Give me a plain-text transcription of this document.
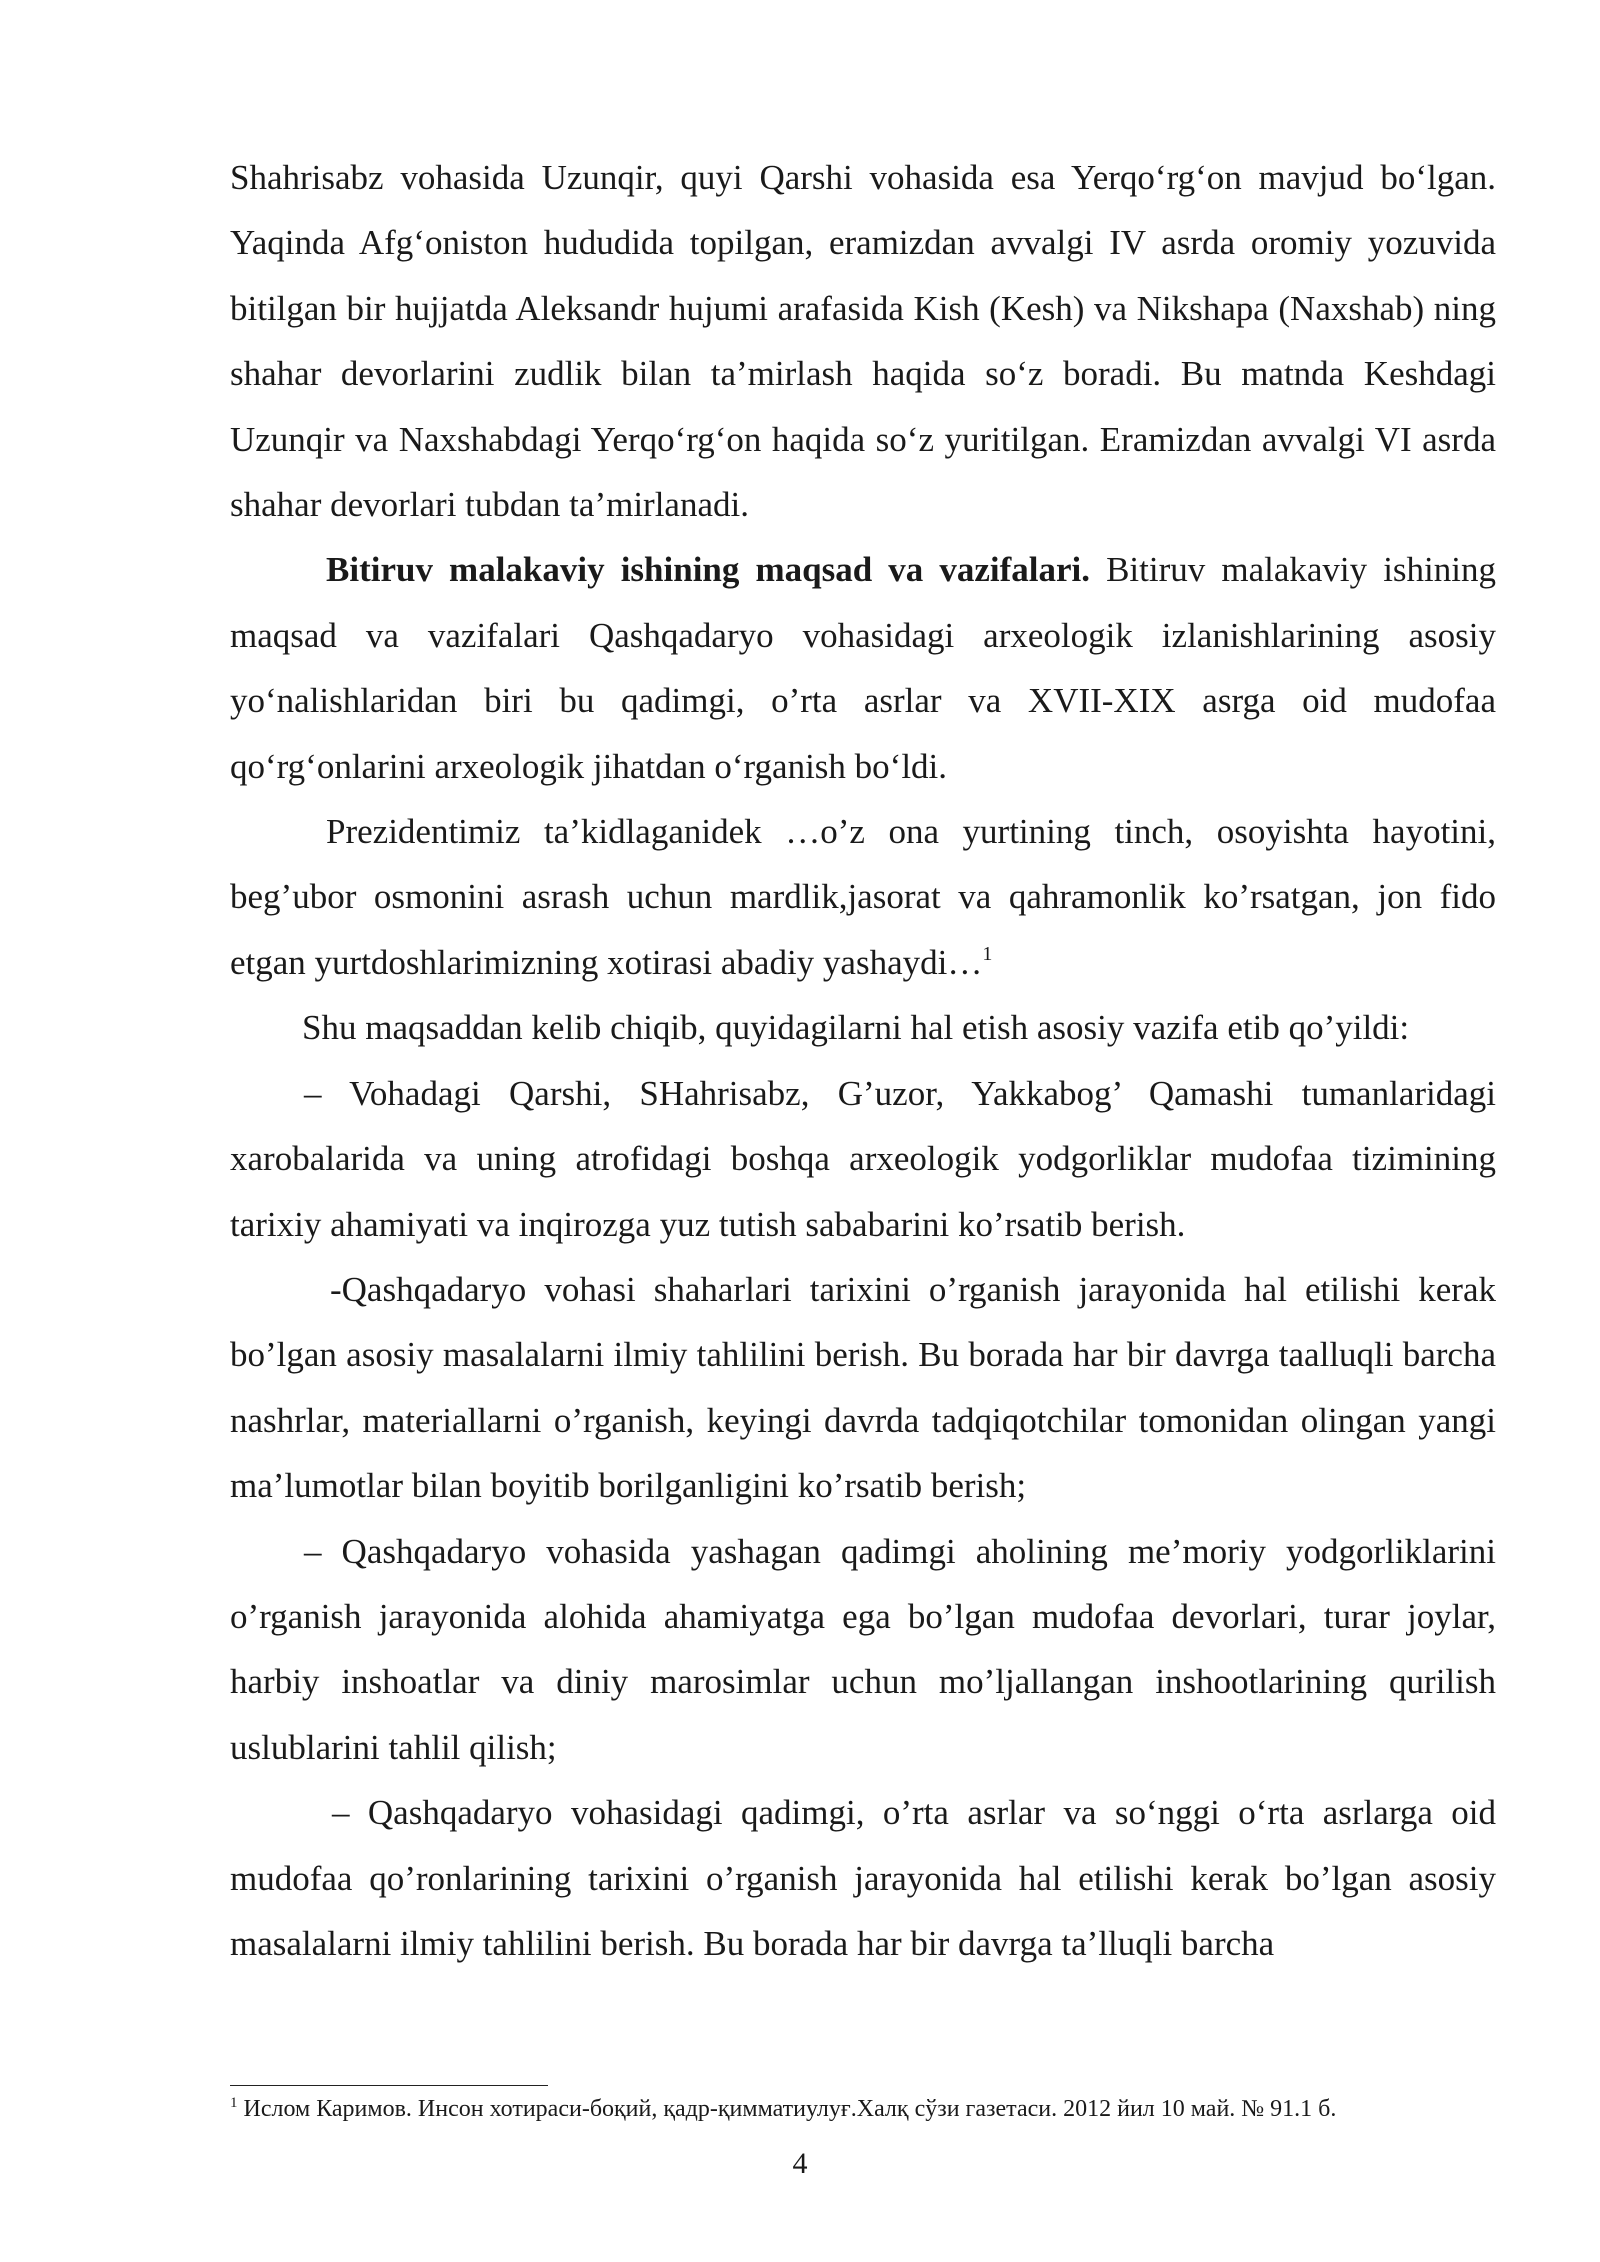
Shahrisabz vohasida Uzunqir, quyi Qarshi vohasida esa Yerqo‘rg‘on mavjud bo‘lgan. Yaqinda Afg‘oniston hududida topilgan, eramizdan avvalgi IV asrda oromiy yozuvida bitilgan bir hujjatda Aleksandr hujumi arafasida Kish (Kesh) va Nikshapa (Naxshab) ning shahar devorlarini zudlik bilan ta’mirlash haqida so‘z boradi. Bu matnda Keshdagi Uzunqir va Naxshabdagi Yerqo‘rg‘on haqida so‘z yuritilgan. Eramizdan avvalgi VI asrda shahar devorlari tubdan ta’mirlanadi.

Bitiruv malakaviy ishining maqsad va vazifalari. Bitiruv malakaviy ishining maqsad va vazifalari Qashqadaryo vohasidagi arxeologik izlanishlarining asosiy yo‘nalishlaridan biri bu qadimgi, o’rta asrlar va XVII-XIX asrga oid mudofaa qo‘rg‘onlarini arxeologik jihatdan o‘rganish bo‘ldi.

Prezidentimiz ta’kidlaganidek …o’z ona yurtining tinch, osoyishta hayotini, beg’ubor osmonini asrash uchun mardlik,jasorat va qahramonlik ko’rsatgan, jon fido etgan yurtdoshlarimizning xotirasi abadiy yashaydi…$^1$

Shu maqsaddan kelib chiqib, quyidagilarni hal etish asosiy vazifa etib qo’yildi:

– Vohadagi Qarshi, SHahrisabz, G’uzor, Yakkabog’ Qamashi tumanlaridagi xarobalarida va uning atrofidagi boshqa arxeologik yodgorliklar mudofaa tizimining tarixiy ahamiyati va inqirozga yuz tutish sababarini ko’rsatib berish.

-Qashqadaryo vohasi shaharlari tarixini o’rganish jarayonida hal etilishi kerak bo’lgan asosiy masalalarni ilmiy tahlilini berish. Bu borada har bir davrga taalluqli barcha nashrlar, materiallarni o’rganish, keyingi davrda tadqiqotchilar tomonidan olingan yangi ma’lumotlar bilan boyitib borilganligini ko’rsatib berish;

– Qashqadaryo vohasida yashagan qadimgi aholining me’moriy yodgorliklarini o’rganish jarayonida alohida ahamiyatga ega bo’lgan mudofaa devorlari, turar joylar, harbiy inshoatlar va diniy marosimlar uchun mo’ljallangan inshootlarining qurilish uslublarini tahlil qilish;

– Qashqadaryo vohasidagi qadimgi, o’rta asrlar va so‘nggi o‘rta asrlarga oid mudofaa qo’ronlarining tarixini o’rganish jarayonida hal etilishi kerak bo’lgan asosiy masalalarni ilmiy tahlilini berish. Bu borada har bir davrga ta’lluqli barcha

$^1$ Ислом Каримов. Инсон хотираси-боқий, қадр-қимматиулуғ.Халқ сўзи газетаси. 2012 йил 10 май. № 91.1 б.
4
